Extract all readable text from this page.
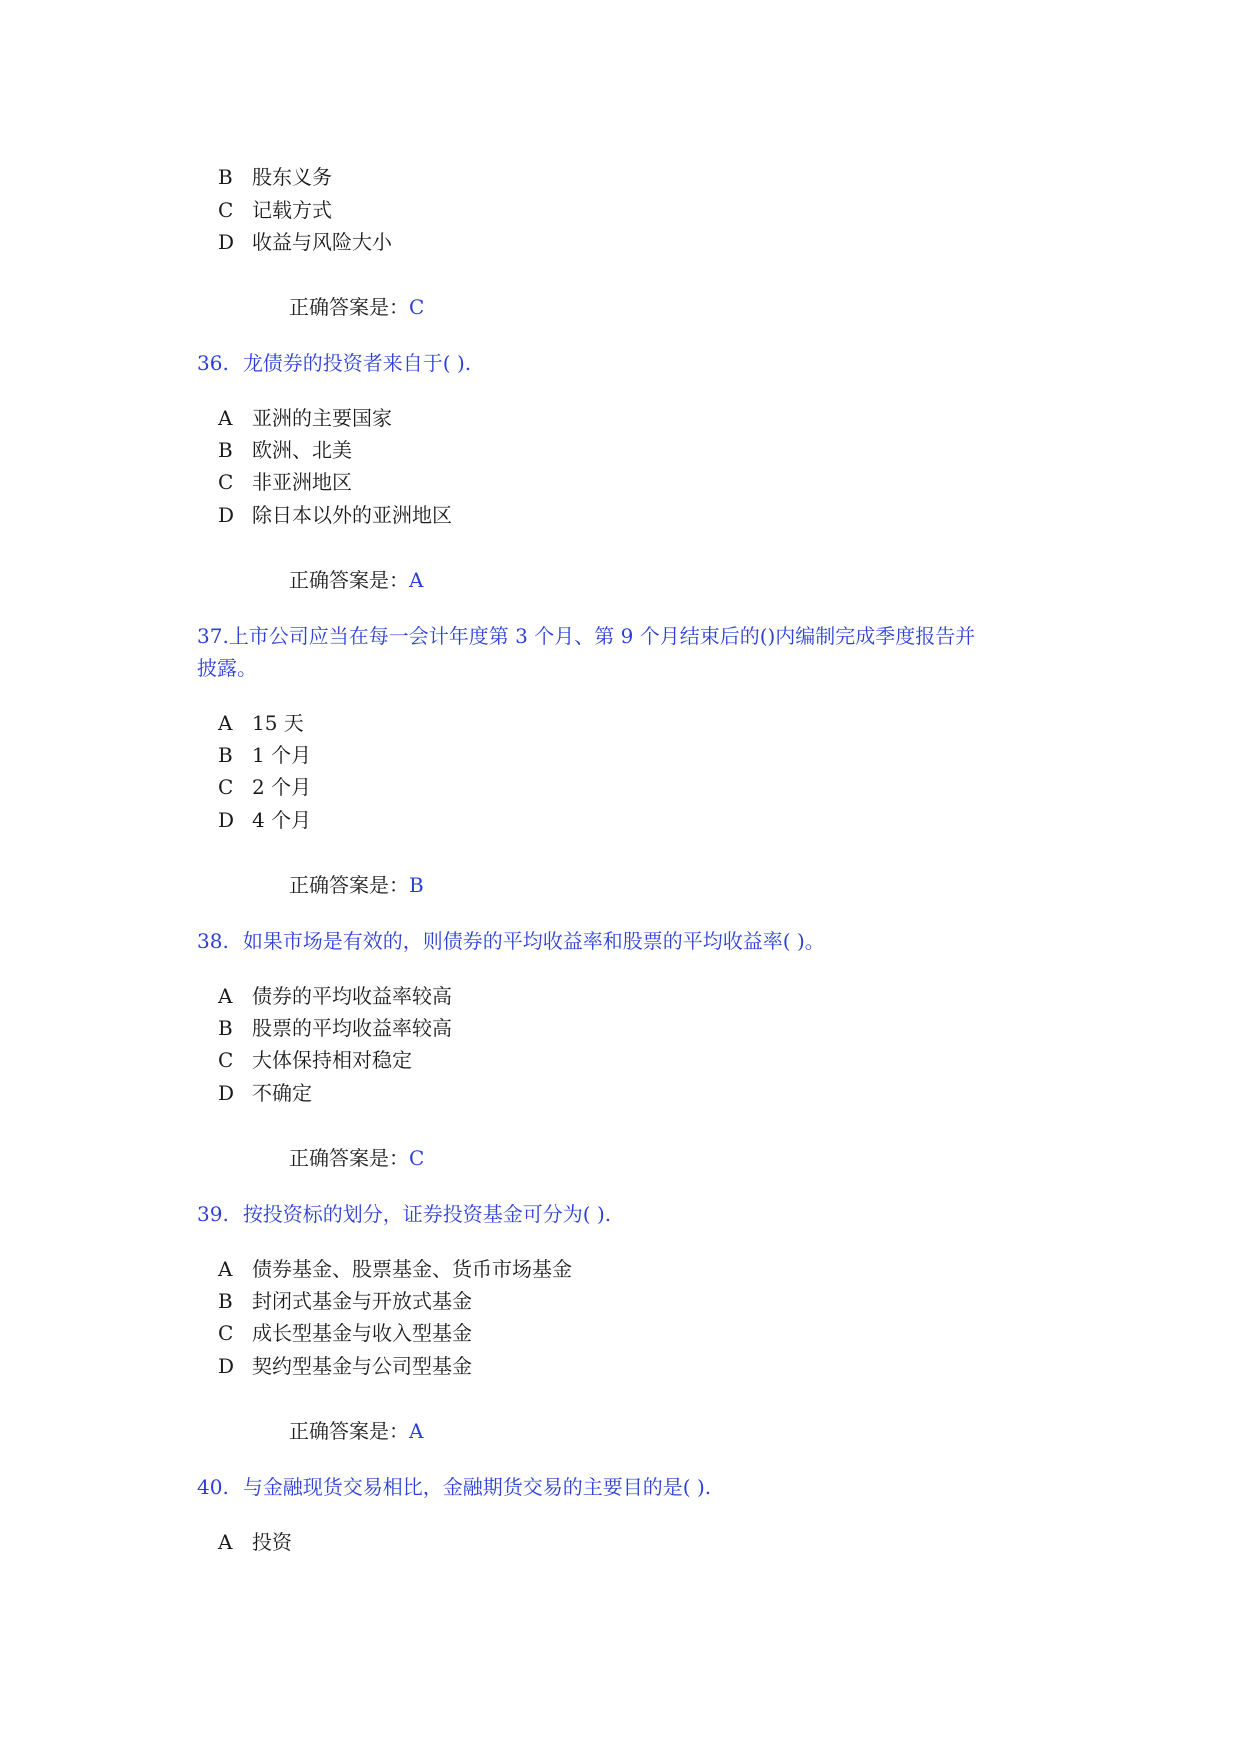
B 股东义务
C 记载方式
D 收益与风险大小
正确答案是：C
36. 龙债券的投资者来自于( ).
A 亚洲的主要国家
B 欧洲、北美
C 非亚洲地区
D 除日本以外的亚洲地区
正确答案是：A
37.上市公司应当在每一会计年度第 3 个月、第 9 个月结束后的()内编制完成季度报告并
披露。
A 15 天
B 1 个月
C 2 个月
D 4 个月
正确答案是：B
38. 如果市场是有效的，则债券的平均收益率和股票的平均收益率( )。
A 债券的平均收益率较高
B 股票的平均收益率较高
C 大体保持相对稳定
D 不确定
正确答案是：C
39. 按投资标的划分，证券投资基金可分为( ).
A 债券基金、股票基金、货币市场基金
B 封闭式基金与开放式基金
C 成长型基金与收入型基金
D 契约型基金与公司型基金
正确答案是：A
40. 与金融现货交易相比，金融期货交易的主要目的是( ).
A 投资
